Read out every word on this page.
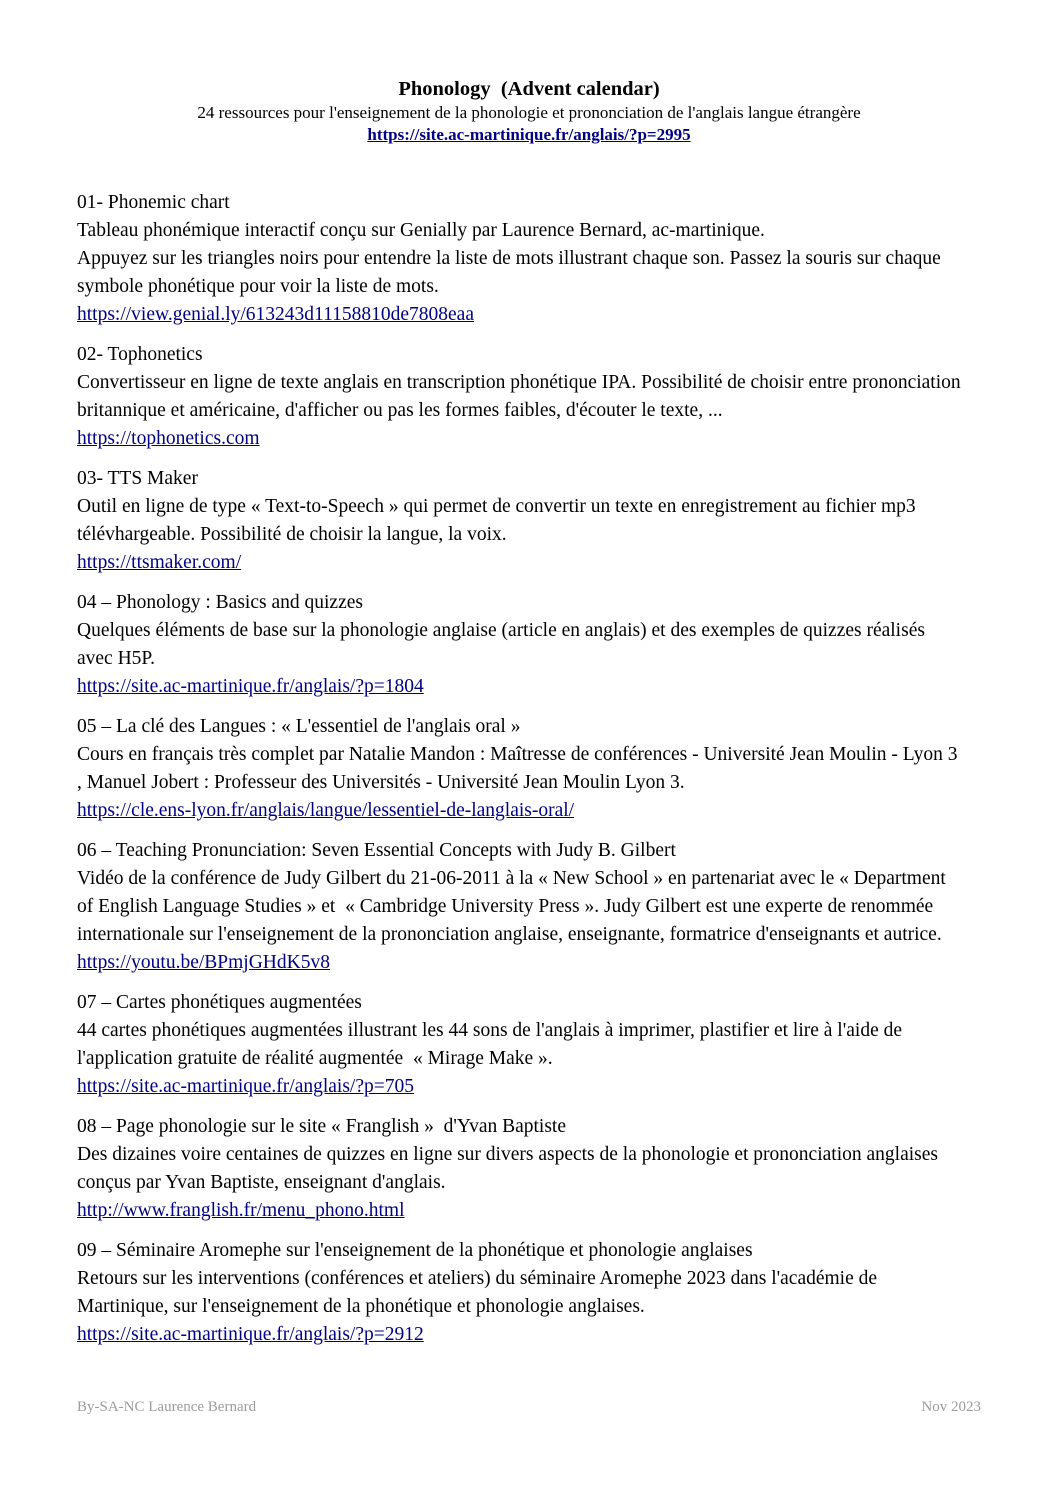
Phonology  (Advent calendar)
24 ressources pour l'enseignement de la phonologie et prononciation de l'anglais langue étrangère
https://site.ac-martinique.fr/anglais/?p=2995
01- Phonemic chart
Tableau phonémique interactif conçu sur Genially par Laurence Bernard, ac-martinique.
Appuyez sur les triangles noirs pour entendre la liste de mots illustrant chaque son. Passez la souris sur chaque symbole phonétique pour voir la liste de mots.
https://view.genial.ly/613243d11158810de7808eaa
02- Tophonetics
Convertisseur en ligne de texte anglais en transcription phonétique IPA. Possibilité de choisir entre prononciation britannique et américaine, d'afficher ou pas les formes faibles, d'écouter le texte, ...
https://tophonetics.com
03- TTS Maker
Outil en ligne de type « Text-to-Speech » qui permet de convertir un texte en enregistrement au fichier mp3 télévhargeable. Possibilité de choisir la langue, la voix.
https://ttsmaker.com/
04 – Phonology : Basics and quizzes
Quelques éléments de base sur la phonologie anglaise (article en anglais) et des exemples de quizzes réalisés avec H5P.
https://site.ac-martinique.fr/anglais/?p=1804
05 – La clé des Langues : « L'essentiel de l'anglais oral »
Cours en français très complet par Natalie Mandon : Maîtresse de conférences - Université Jean Moulin - Lyon 3 , Manuel Jobert : Professeur des Universités - Université Jean Moulin Lyon 3.
https://cle.ens-lyon.fr/anglais/langue/lessentiel-de-langlais-oral/
06 – Teaching Pronunciation: Seven Essential Concepts with Judy B. Gilbert
Vidéo de la conférence de Judy Gilbert du 21-06-2011 à la « New School » en partenariat avec le « Department of English Language Studies » et  « Cambridge University Press ». Judy Gilbert est une experte de renommée internationale sur l'enseignement de la prononciation anglaise, enseignante, formatrice d'enseignants et autrice.
https://youtu.be/BPmjGHdK5v8
07 – Cartes phonétiques augmentées
44 cartes phonétiques augmentées illustrant les 44 sons de l'anglais à imprimer, plastifier et lire à l'aide de l'application gratuite de réalité augmentée  « Mirage Make ».
https://site.ac-martinique.fr/anglais/?p=705
08 – Page phonologie sur le site « Franglish »  d'Yvan Baptiste
Des dizaines voire centaines de quizzes en ligne sur divers aspects de la phonologie et prononciation anglaises conçus par Yvan Baptiste, enseignant d'anglais.
http://www.franglish.fr/menu_phono.html
09 – Séminaire Aromephe sur l'enseignement de la phonétique et phonologie anglaises
Retours sur les interventions (conférences et ateliers) du séminaire Aromephe 2023 dans l'académie de Martinique, sur l'enseignement de la phonétique et phonologie anglaises.
https://site.ac-martinique.fr/anglais/?p=2912
By-SA-NC Laurence Bernard	Nov 2023
